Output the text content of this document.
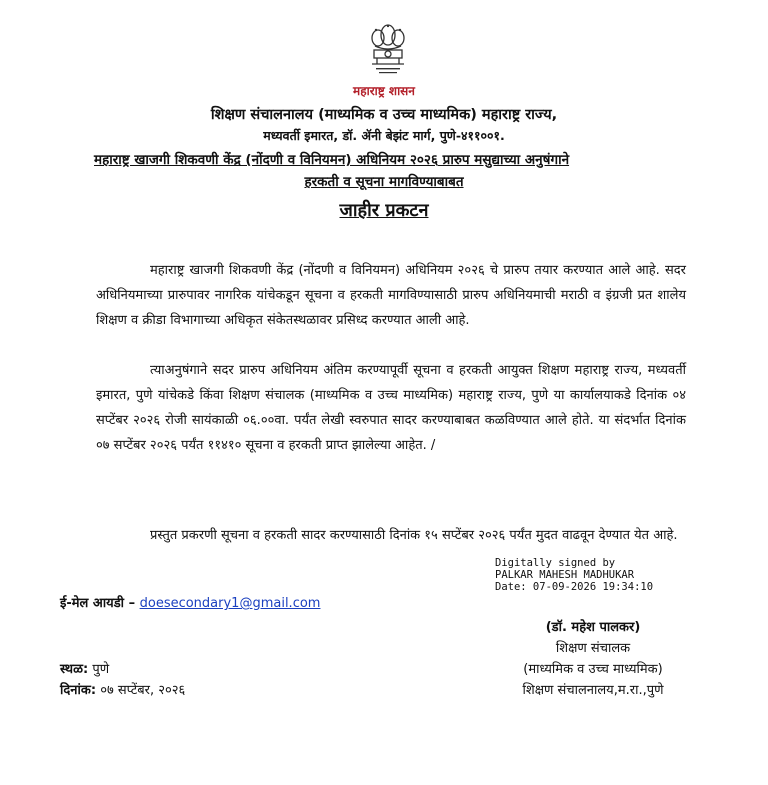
महाराष्ट्र शासन
शिक्षण संचालनालय (माध्यमिक व उच्च माध्यमिक) महाराष्ट्र राज्य,
मध्यवर्ती इमारत, डॉ. ॲनी बेझंट मार्ग, पुणे-४११००१.
महाराष्ट्र खाजगी शिकवणी केंद्र (नोंदणी व विनियमन) अधिनियम २०२६ प्रारुप मसुद्याच्या अनुषंगाने
हरकती व सूचना मागविण्याबाबत
जाहीर प्रकटन
महाराष्ट्र खाजगी शिकवणी केंद्र (नोंदणी व विनियमन) अधिनियम २०२६ चे प्रारुप तयार करण्यात आले आहे. सदर अधिनियमाच्या प्रारुपावर नागरिक यांचेकडून सूचना व हरकती मागविण्यासाठी प्रारुप अधिनियमाची मराठी व इंग्रजी प्रत शालेय शिक्षण व क्रीडा विभागाच्या अधिकृत संकेतस्थळावर प्रसिध्द करण्यात आली आहे.
त्याअनुषंगाने सदर प्रारुप अधिनियम अंतिम करण्यापूर्वी सूचना व हरकती आयुक्त शिक्षण महाराष्ट्र राज्य, मध्यवर्ती इमारत, पुणे यांचेकडे किंवा शिक्षण संचालक (माध्यमिक व उच्च माध्यमिक) महाराष्ट्र राज्य, पुणे या कार्यालयाकडे दिनांक ०४ सप्टेंबर २०२६ रोजी सायंकाळी ०६.००वा. पर्यंत लेखी स्वरुपात सादर करण्याबाबत कळविण्यात आले होते. या संदर्भात दिनांक ०७ सप्टेंबर २०२६ पर्यंत ११४१० सूचना व हरकती प्राप्त झालेल्या आहेत. /
प्रस्तुत प्रकरणी सूचना व हरकती सादर करण्यासाठी दिनांक १५ सप्टेंबर २०२६ पर्यंत मुदत वाढवून देण्यात येत आहे.
Digitally signed by
PALKAR MAHESH MADHUKAR
Date: 07-09-2026 19:34:10
ई-मेल आयडी – doesecondary1@gmail.com
(डॉ. महेश पालकर)
शिक्षण संचालक
(माध्यमिक व उच्च माध्यमिक)
शिक्षण संचालनालय,म.रा.,पुणे
स्थळ: पुणे
दिनांक: ०७ सप्टेंबर, २०२६
